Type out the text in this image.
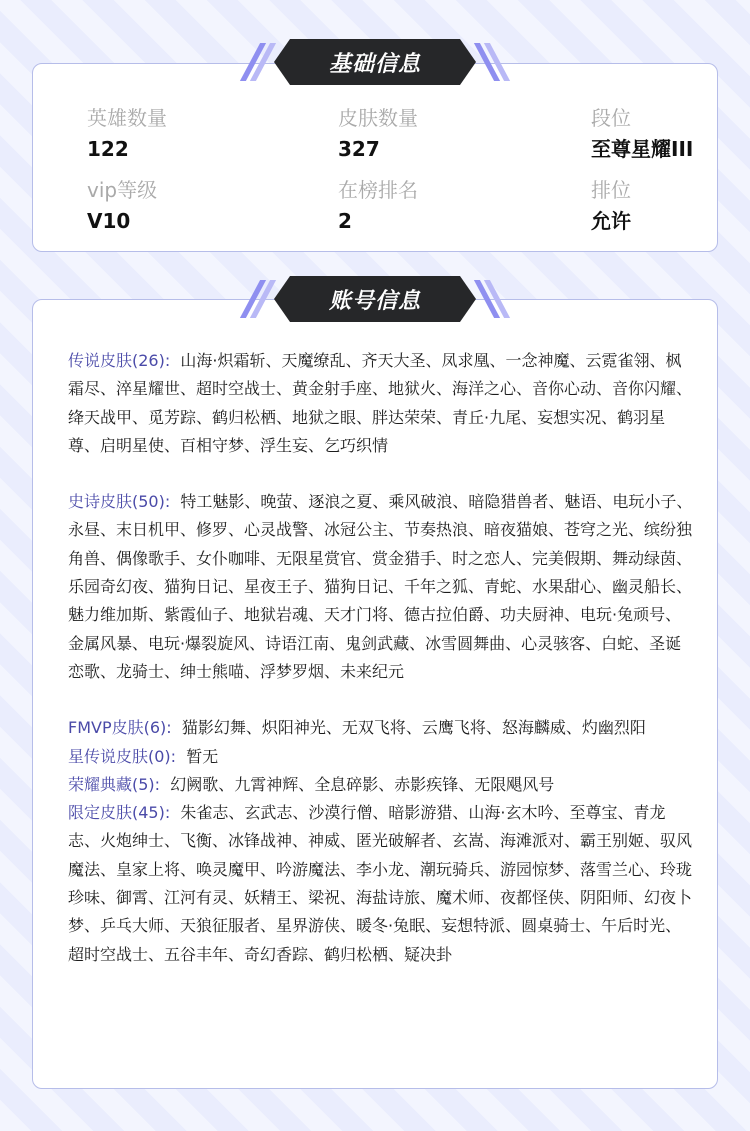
英雄数量
122
皮肤数量
327
段位
至尊星耀III
vip等级
V10
在榜排名
2
排位
允许
基础信息

传说皮肤(26): 山海·炽霜斩、天魔缭乱、齐天大圣、凤求凰、一念神魔、云霓雀翎、枫霜尽、淬星耀世、超时空战士、黄金射手座、地狱火、海洋之心、音你心动、音你闪耀、绛天战甲、觅芳踪、鹤归松栖、地狱之眼、胖达荣荣、青丘·九尾、妄想实况、鹤羽星尊、启明星使、百相守梦、浮生妄、乞巧织情

史诗皮肤(50): 特工魅影、晚萤、逐浪之夏、乘风破浪、暗隐猎兽者、魅语、电玩小子、永昼、末日机甲、修罗、心灵战警、冰冠公主、节奏热浪、暗夜猫娘、苍穹之光、缤纷独角兽、偶像歌手、女仆咖啡、无限星赏官、赏金猎手、时之恋人、完美假期、舞动绿茵、乐园奇幻夜、猫狗日记、星夜王子、猫狗日记、千年之狐、青蛇、水果甜心、幽灵船长、魅力维加斯、紫霞仙子、地狱岩魂、天才门将、德古拉伯爵、功夫厨神、电玩·兔顽号、金属风暴、电玩·爆裂旋风、诗语江南、鬼剑武藏、冰雪圆舞曲、心灵骇客、白蛇、圣诞恋歌、龙骑士、绅士熊喵、浮梦罗烟、未来纪元

FMVP皮肤(6): 猫影幻舞、炽阳神光、无双飞将、云鹰飞将、怒海麟威、灼幽烈阳

星传说皮肤(0): 暂无

荣耀典藏(5): 幻阙歌、九霄神辉、全息碎影、赤影疾锋、无限飓风号

限定皮肤(45): 朱雀志、玄武志、沙漠行僧、暗影游猎、山海·玄木吟、至尊宝、青龙志、火炮绅士、飞衡、冰锋战神、神威、匿光破解者、玄嵩、海滩派对、霸王别姬、驭风魔法、皇家上将、唤灵魔甲、吟游魔法、李小龙、潮玩骑兵、游园惊梦、落雪兰心、玲珑珍味、御霄、江河有灵、妖精王、梁祝、海盐诗旅、魔术师、夜都怪侠、阴阳师、幻夜卜梦、乒乓大师、天狼征服者、星界游侠、暖冬·兔眠、妄想特派、圆桌骑士、午后时光、超时空战士、五谷丰年、奇幻香踪、鹤归松栖、疑决卦

账号信息
